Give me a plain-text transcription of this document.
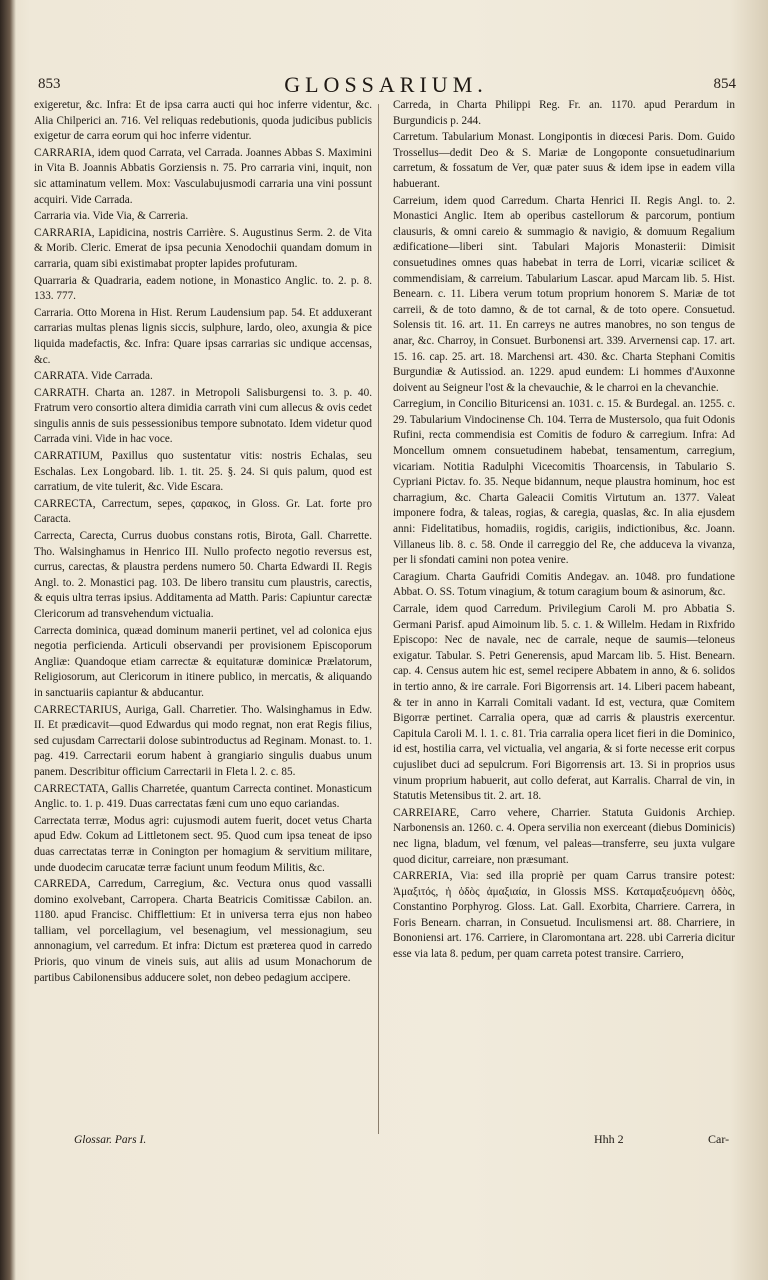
853	GLOSSARIUM.	854

exigeretur, &c. Infra: Et de ipsa carra aucti qui hoc inferre videntur, &c. Alia Chilperici an. 716. Vel reliquas redebutionis, quoda judicibus publicis exigetur de carra eorum qui hoc inferre videntur.

CARRARIA, idem quod Carrata, vel Carrada. Joannes Abbas S. Maximini in Vita B. Joannis Abbatis Gorziensis n. 75. Pro carraria vini, inquit, non sic attaminatum vellem. Mox: Vasculabujusmodi carraria una vini possunt acquiri. Vide Carrada.

Carraria via. Vide Via, & Carreria.

CARRARIA, Lapidicina, nostris Carrière. S. Augustinus Serm. 2. de Vita & Morib. Cleric. Emerat de ipsa pecunia Xenodochii quandam domum in carraria, quam sibi existimabat propter lapides profuturam.

Quarraria & Quadraria, eadem notione, in Monastico Anglic. to. 2. p. 8. 133. 777.

Carraria. Otto Morena in Hist. Rerum Laudensium pap. 54. Et adduxerant carrarias multas plenas lignis siccis, sulphure, lardo, oleo, axungia & pice liquida madefactis, &c. Infra: Quare ipsas carrarias sic undique accensas, &c.

CARRATA. Vide Carrada.

CARRATH. Charta an. 1287. in Metropoli Salisburgensi to. 3. p. 40. Fratrum vero consortio altera dimidia carrath vini cum allecus & ovis cedet singulis annis de suis pessessionibus tempore subnotato. Idem videtur quod Carrada vini. Vide in hac voce.

CARRATIUM, Paxillus quo sustentatur vitis: nostris Echalas, seu Eschalas. Lex Longobard. lib. 1. tit. 25. §. 24. Si quis palum, quod est carratium, de vite tulerit, &c. Vide Escara.

CARRECTA, Carrectum, sepes, ςαρακος, in Gloss. Gr. Lat. forte pro Caracta.

Carrecta, Carecta, Currus duobus constans rotis, Birota, Gall. Charrette. Tho. Walsinghamus in Henrico III. Nullo profecto negotio reversus est, currus, carectas, & plaustra perdens numero 50. Charta Edwardi II. Regis Angl. to. 2. Monastici pag. 103. De libero transitu cum plaustris, carectis, & equis ultra terras ipsius. Additamenta ad Matth. Paris: Capiuntur carectæ Clericorum ad transvehendum victualia.

Carrecta dominica, quæad dominum manerii pertinet, vel ad colonica ejus negotia perficienda. Articuli observandi per provisionem Episcoporum Angliæ: Quandoque etiam carrectæ & equitaturæ dominicæ Prælatorum, Religiosorum, aut Clericorum in itinere publico, in mercatis, & aliquando in sanctuariis capiantur & abducantur.

CARRECTARIUS, Auriga, Gall. Charretier. Tho. Walsinghamus in Edw. II. Et prædicavit—quod Edwardus qui modo regnat, non erat Regis filius, sed cujusdam Carrectarii dolose subintroductus ad Reginam. Monast. to. 1. pag. 419. Carrectarii eorum habent à grangiario singulis duabus unum panem. Describitur officium Carrectarii in Fleta l. 2. c. 85.

CARRECTATA, Gallis Charretée, quantum Carrecta continet. Monasticum Anglic. to. 1. p. 419. Duas carrectatas fæni cum uno equo cariandas.

Carrectata terræ, Modus agri: cujusmodi autem fuerit, docet vetus Charta apud Edw. Cokum ad Littletonem sect. 95. Quod cum ipsa teneat de ipso duas carrectatas terræ in Conington per homagium & servitium militare, unde duodecim carucatæ terræ faciunt unum feodum Militis, &c.

CARREDA, Carredum, Carregium, &c. Vectura onus quod vassalli domino exolvebant, Carroperа. Charta Beatricis Comitissæ Cabilon. an. 1180. apud Francisc. Chifflettium: Et in universa terra ejus non habeo talliam, vel porcellagium, vel besenagium, vel messionagium, seu annonagium, vel carredum. Et infra: Dictum est præterea quod in carredo Prioris, quo vinum de vineis suis, aut aliis ad usum Monachorum de partibus Cabilonensibus adducere solet, non debeo pedagium accipere.

Carreda, in Charta Philippi Reg. Fr. an. 1170. apud Perardum in Burgundicis p. 244.

Carretum. Tabularium Monast. Longipontis in diœcesi Paris. Dom. Guido Trossellus—dedit Deo & S. Mariæ de Longoponte consuetudinarium carretum, & fossatum de Ver, quæ pater suus & idem ipse in eadem villa habuerant.

Carreium, idem quod Carredum. Charta Henrici II. Regis Angl. to. 2. Monastici Anglic. Item ab operibus castellorum & parcorum, pontium clausuris, & omni careio & summagio & navigio, & domuum Regalium ædificatione—liberi sint. Tabulari Majoris Monasterii: Dimisit consuetudines omnes quas habebat in terra de Lorri, vicariæ scilicet & commendisiam, & carreium. Tabularium Lascar. apud Marcam lib. 5. Hist. Benearn. c. 11. Libera verum totum proprium honorem S. Mariæ de tot carreii, & de toto damno, & de tot carnal, & de toto opere. Consuetud. Solensis tit. 16. art. 11. En carreys ne autres manobres, no son tengus de anar, &c. Charroy, in Consuet. Burbonensi art. 339. Arvernensi cap. 17. art. 15. 16. cap. 25. art. 18. Marchensi art. 430. &c. Charta Stephani Comitis Burgundiæ & Autissiod. an. 1229. apud eundem: Li hommes d'Auxonne doivent au Seigneur l'ost & la chevauchie, & le charroi en la chevanchie.

Carregium, in Concilio Bituricensi an. 1031. c. 15. & Burdegal. an. 1255. c. 29. Tabularium Vindocinense Ch. 104. Terra de Mustersolo, qua fuit Odonis Rufini, recta commendisia est Comitis de foduro & carregium. Infra: Ad Moncellum omnem consuetudinem habebat, tensamentum, carregium, vicariam. Notitia Radulphi Vicecomitis Thoarcensis, in Tabulario S. Cypriani Pictav. fo. 35. Neque bidannum, neque plaustra hominum, hoc est charragium, &c. Charta Galeacii Comitis Virtutum an. 1377. Valeat imponere fodra, & taleas, rogias, & caregia, quaslas, &c. In alia ejusdem anni: Fidelitatibus, homadiis, rogidis, carigiis, indictionibus, &c. Joann. Villaneus lib. 8. c. 58. Onde il carreggio del Re, che adduceva la vivanza, per li sfondati camini non potea venire.

Caragium. Charta Gaufridi Comitis Andegav. an. 1048. pro fundatione Abbat. O. SS. Totum vinagium, & totum caragium boum & asinorum, &c.

Carrale, idem quod Carredum. Privilegium Caroli M. pro Abbatia S. Germani Parisf. apud Aimoinum lib. 5. c. 1. & Willelm. Hedam in Rixfrido Episcopo: Nec de navale, nec de carrale, neque de saumis—teloneus exigatur. Tabular. S. Petri Generensis, apud Marcam lib. 5. Hist. Benearn. cap. 4. Census autem hic est, semel recipere Abbatem in anno, & 6. solidos in tertio anno, & ire carrale. Fori Bigorrensis art. 14. Liberi pacem habeant, & ter in anno in Karrali Comitali vadant. Id est, vectura, quæ Comitem Bigorræ pertinet. Carralia opera, quæ ad carris & plaustris exercentur. Capitula Caroli M. l. 1. c. 81. Tria carralia opera licet fieri in die Dominico, id est, hostilia carra, vel victualia, vel angaria, & si forte necesse erit corpus cujuslibet duci ad sepulcrum. Fori Bigorrensis art. 13. Si in proprios usus vinum proprium habuerit, aut collo deferat, aut Karralis. Charral de vin, in Statutis Metensibus tit. 2. art. 18.

CARREIARE, Carro vehere, Charrier. Statuta Guidonis Archiep. Narbonensis an. 1260. c. 4. Opera servilia non exerceant (diebus Dominicis) nec ligna, bladum, vel fœnum, vel paleas—transferre, seu juxta vulgare quod dicitur, carreiare, non præsumant.

CARRERIA, Via: sed illa propriè per quam Carrus transire potest: Ἁμαξιτός, ἡ ὁδὸς ἁμαξιαία, in Glossis MSS. Καταμαξευόμενη ὁδὸς, Constantino Porphyrog. Gloss. Lat. Gall. Exorbita, Charriere. Carrera, in Foris Benearn. charran, in Consuetud. Inculismensi art. 88. Charriere, in Bononiensi art. 176. Carriere, in Claromontana art. 228. ubi Carreria dicitur esse via lata 8. pedum, per quam carreta potest transire. Carriero,

Glossar. Pars I.	Hhh 2	Car-
